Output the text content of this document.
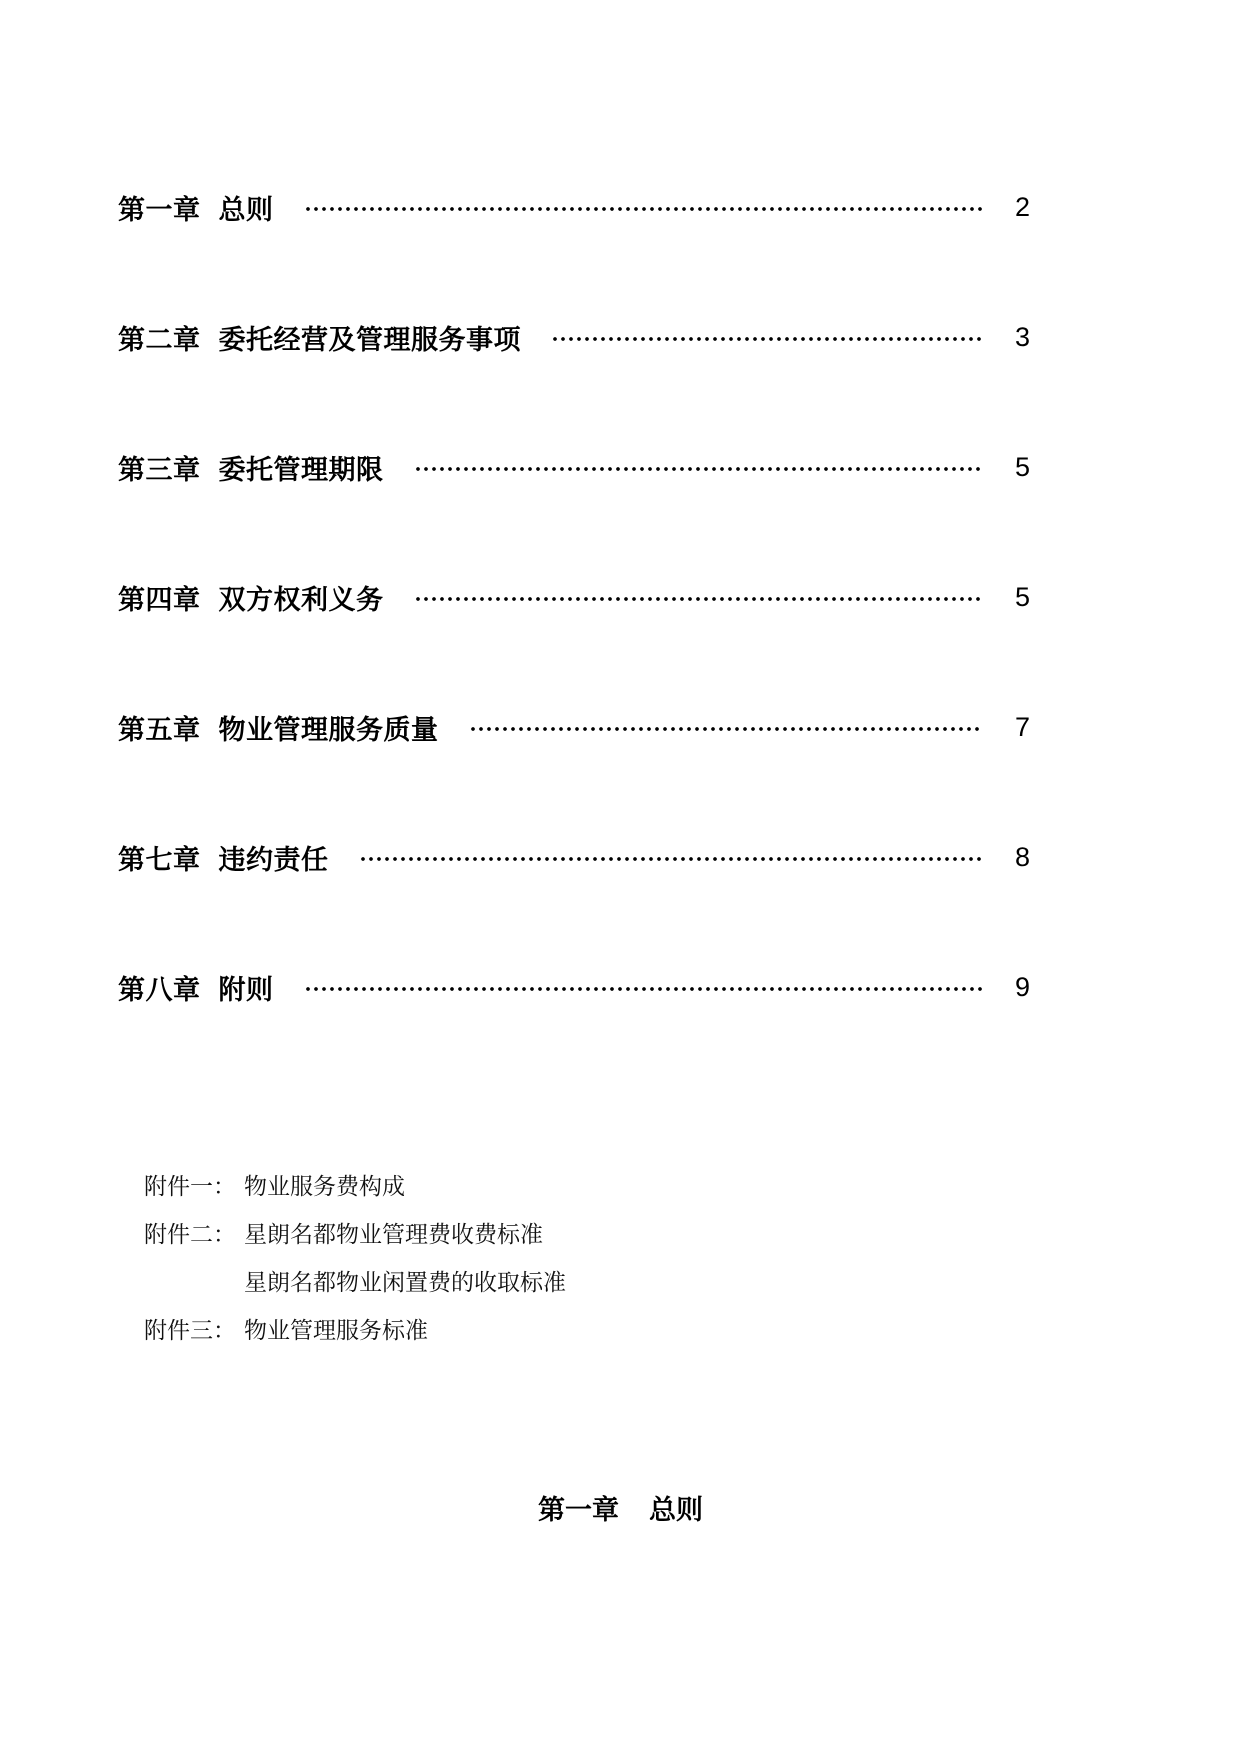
第一章 总则	2
第二章 委托经营及管理服务事项	3
第三章 委托管理期限	5
第四章 双方权利义务	5
第五章 物业管理服务质量	7
第七章 违约责任	8
第八章 附则	9
附件一： 物业服务费构成
附件二： 星朗名都物业管理费收费标准
星朗名都物业闲置费的收取标准
附件三： 物业管理服务标准
第一章 总则
